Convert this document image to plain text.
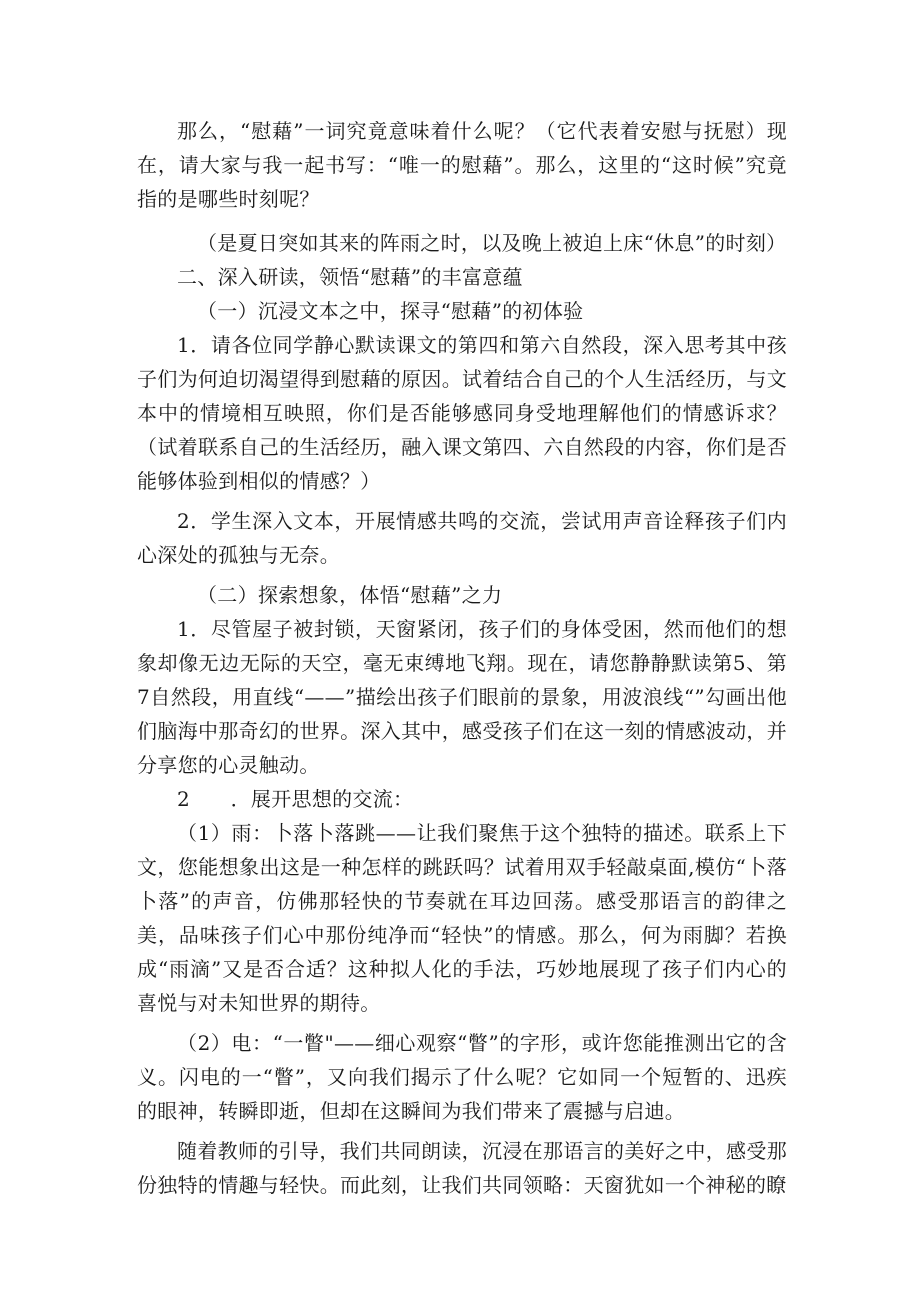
那么，“慰藉”一词究竟意味着什么呢？（它代表着安慰与抚慰）现在，请大家与我一起书写：“唯一的慰藉”。那么，这里的“这时候”究竟指的是哪些时刻呢？

（是夏日突如其来的阵雨之时，以及晚上被迫上床“休息”的时刻）

二、深入研读，领悟“慰藉”的丰富意蕴

（一）沉浸文本之中，探寻“慰藉”的初体验

1．请各位同学静心默读课文的第四和第六自然段，深入思考其中孩子们为何迫切渴望得到慰藉的原因。试着结合自己的个人生活经历，与文本中的情境相互映照，你们是否能够感同身受地理解他们的情感诉求？（试着联系自己的生活经历，融入课文第四、六自然段的内容，你们是否能够体验到相似的情感？）

2．学生深入文本，开展情感共鸣的交流，尝试用声音诠释孩子们内心深处的孤独与无奈。

（二）探索想象，体悟“慰藉”之力

1．尽管屋子被封锁，天窗紧闭，孩子们的身体受困，然而他们的想象却像无边无际的天空，毫无束缚地飞翔。现在，请您静静默读第5、第7自然段，用直线“——”描绘出孩子们眼前的景象，用波浪线“”勾画出他们脑海中那奇幻的世界。深入其中，感受孩子们在这一刻的情感波动，并分享您的心灵触动。

2　　．展开思想的交流：

（1）雨：卜落卜落跳——让我们聚焦于这个独特的描述。联系上下文，您能想象出这是一种怎样的跳跃吗？试着用双手轻敲桌面,模仿“卜落卜落”的声音，仿佛那轻快的节奏就在耳边回荡。感受那语言的韵律之美，品味孩子们心中那份纯净而“轻快”的情感。那么，何为雨脚？若换成“雨滴”又是否合适？这种拟人化的手法，巧妙地展现了孩子们内心的喜悦与对未知世界的期待。

（2）电：“一瞥"——细心观察“瞥”的字形，或许您能推测出它的含义。闪电的一“瞥”，又向我们揭示了什么呢？它如同一个短暂的、迅疾的眼神，转瞬即逝，但却在这瞬间为我们带来了震撼与启迪。

随着教师的引导，我们共同朗读，沉浸在那语言的美好之中，感受那份独特的情趣与轻快。而此刻，让我们共同领略：天窗犹如一个神秘的瞭
